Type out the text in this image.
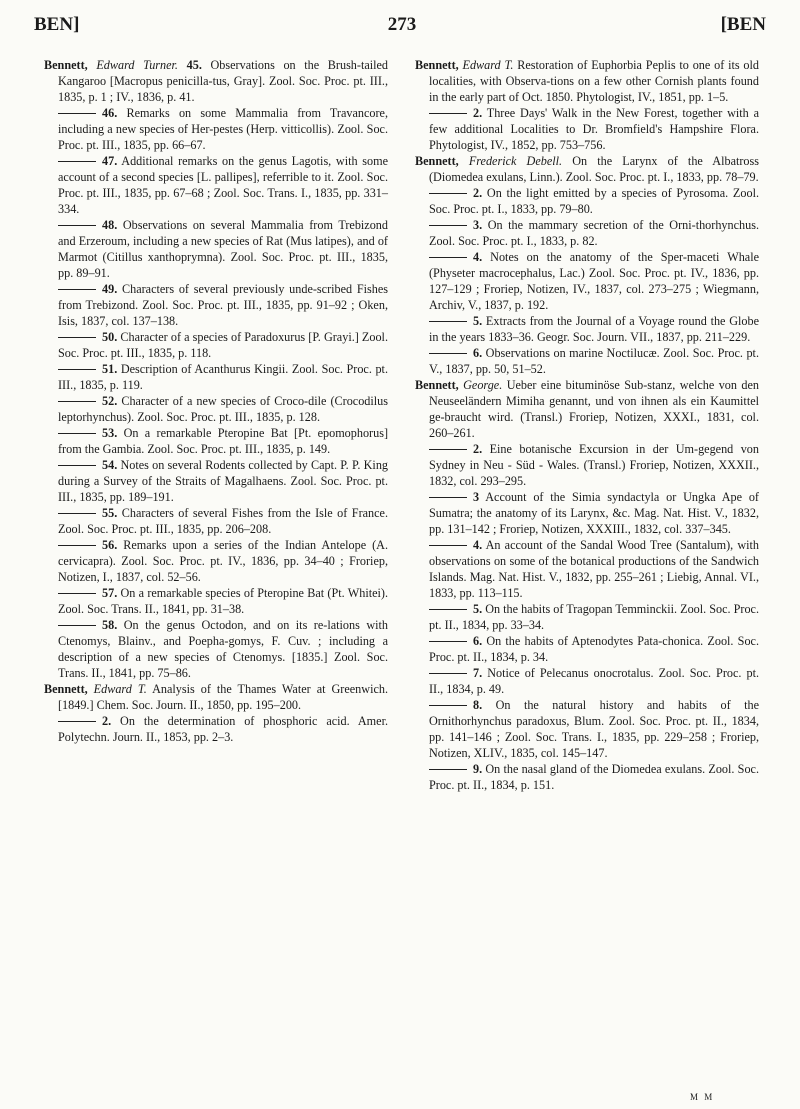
BEN]	273	[BEN
Bennett, Edward Turner. 45. Observations on the Brush-tailed Kangaroo [Macropus penicilla-tus, Gray]. Zool. Soc. Proc. pt. III., 1835, p. 1 ; IV., 1836, p. 41.
46. Remarks on some Mammalia from Travancore, including a new species of Her-pestes (Herp. vitticollis). Zool. Soc. Proc. pt. III., 1835, pp. 66–67.
47. Additional remarks on the genus Lagotis, with some account of a second species [L. pallipes], referrible to it. Zool. Soc. Proc. pt. III., 1835, pp. 67–68 ; Zool. Soc. Trans. I., 1835, pp. 331–334.
48. Observations on several Mammalia from Trebizond and Erzeroum, including a new species of Rat (Mus latipes), and of Marmot (Citillus xanthoprymna). Zool. Soc. Proc. pt. III., 1835, pp. 89–91.
49. Characters of several previously unde-scribed Fishes from Trebizond. Zool. Soc. Proc. pt. III., 1835, pp. 91–92 ; Oken, Isis, 1837, col. 137–138.
50. Character of a species of Paradoxurus [P. Grayi.] Zool. Soc. Proc. pt. III., 1835, p. 118.
51. Description of Acanthurus Kingii. Zool. Soc. Proc. pt. III., 1835, p. 119.
52. Character of a new species of Croco-dile (Crocodilus leptorhynchus). Zool. Soc. Proc. pt. III., 1835, p. 128.
53. On a remarkable Pteropine Bat [Pt. epomophorus] from the Gambia. Zool. Soc. Proc. pt. III., 1835, p. 149.
54. Notes on several Rodents collected by Capt. P. P. King during a Survey of the Straits of Magalhaens. Zool. Soc. Proc. pt. III., 1835, pp. 189–191.
55. Characters of several Fishes from the Isle of France. Zool. Soc. Proc. pt. III., 1835, pp. 206–208.
56. Remarks upon a series of the Indian Antelope (A. cervicapra). Zool. Soc. Proc. pt. IV., 1836, pp. 34–40 ; Froriep, Notizen, I., 1837, col. 52–56.
57. On a remarkable species of Pteropine Bat (Pt. Whitei). Zool. Soc. Trans. II., 1841, pp. 31–38.
58. On the genus Octodon, and on its re-lations with Ctenomys, Blainv., and Poepha-gomys, F. Cuv. ; including a description of a new species of Ctenomys. [1835.] Zool. Soc. Trans. II., 1841, pp. 75–86.
Bennett, Edward T. Analysis of the Thames Water at Greenwich. [1849.] Chem. Soc. Journ. II., 1850, pp. 195–200.
2. On the determination of phosphoric acid. Amer. Polytechn. Journ. II., 1853, pp. 2–3.
Bennett, Edward T. Restoration of Euphorbia Peplis to one of its old localities, with Observa-tions on a few other Cornish plants found in the early part of Oct. 1850. Phytologist, IV., 1851, pp. 1–5.
2. Three Days' Walk in the New Forest, together with a few additional Localities to Dr. Bromfield's Hampshire Flora. Phytologist, IV., 1852, pp. 753–756.
Bennett, Frederick Debell. On the Larynx of the Albatross (Diomedea exulans, Linn.). Zool. Soc. Proc. pt. I., 1833, pp. 78–79.
2. On the light emitted by a species of Pyrosoma. Zool. Soc. Proc. pt. I., 1833, pp. 79–80.
3. On the mammary secretion of the Orni-thorhynchus. Zool. Soc. Proc. pt. I., 1833, p. 82.
4. Notes on the anatomy of the Sper-maceti Whale (Physeter macrocephalus, Lac.) Zool. Soc. Proc. pt. IV., 1836, pp. 127–129 ; Froriep, Notizen, IV., 1837, col. 273–275 ; Wiegmann, Archiv, V., 1837, p. 192.
5. Extracts from the Journal of a Voyage round the Globe in the years 1833–36. Geogr. Soc. Journ. VII., 1837, pp. 211–229.
6. Observations on marine Noctilucæ. Zool. Soc. Proc. pt. V., 1837, pp. 50, 51–52.
Bennett, George. Ueber eine bituminöse Sub-stanz, welche von den Neuseeländern Mimiha genannt, und von ihnen als ein Kaumittel ge-braucht wird. (Transl.) Froriep, Notizen, XXXI., 1831, col. 260–261.
2. Eine botanische Excursion in der Um-gegend von Sydney in Neu - Süd - Wales. (Transl.) Froriep, Notizen, XXXII., 1832, col. 293–295.
3 Account of the Simia syndactyla or Ungka Ape of Sumatra; the anatomy of its Larynx, &c. Mag. Nat. Hist. V., 1832, pp. 131–142 ; Froriep, Notizen, XXXIII., 1832, col. 337–345.
4. An account of the Sandal Wood Tree (Santalum), with observations on some of the botanical productions of the Sandwich Islands. Mag. Nat. Hist. V., 1832, pp. 255–261 ; Liebig, Annal. VI., 1833, pp. 113–115.
5. On the habits of Tragopan Temminckii. Zool. Soc. Proc. pt. II., 1834, pp. 33–34.
6. On the habits of Aptenodytes Pata-chonica. Zool. Soc. Proc. pt. II., 1834, p. 34.
7. Notice of Pelecanus onocrotalus. Zool. Soc. Proc. pt. II., 1834, p. 49.
8. On the natural history and habits of the Ornithorhynchus paradoxus, Blum. Zool. Soc. Proc. pt. II., 1834, pp. 141–146 ; Zool. Soc. Trans. I., 1835, pp. 229–258 ; Froriep, Notizen, XLIV., 1835, col. 145–147.
9. On the nasal gland of the Diomedea exulans. Zool. Soc. Proc. pt. II., 1834, p. 151.
M M
